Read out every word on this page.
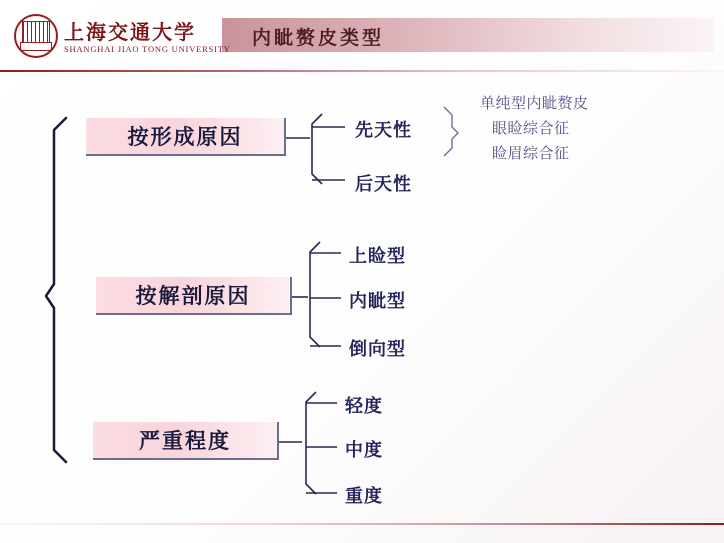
上海交通大学
SHANGHAI JIAO TONG UNIVERSITY 内眦赘皮类型
按形成原因
按解剖原因
严重程度
先天性
后天性
上睑型
内眦型
倒向型
轻度
中度
重度
单纯型内眦赘皮
眼睑综合征
睑眉综合征
